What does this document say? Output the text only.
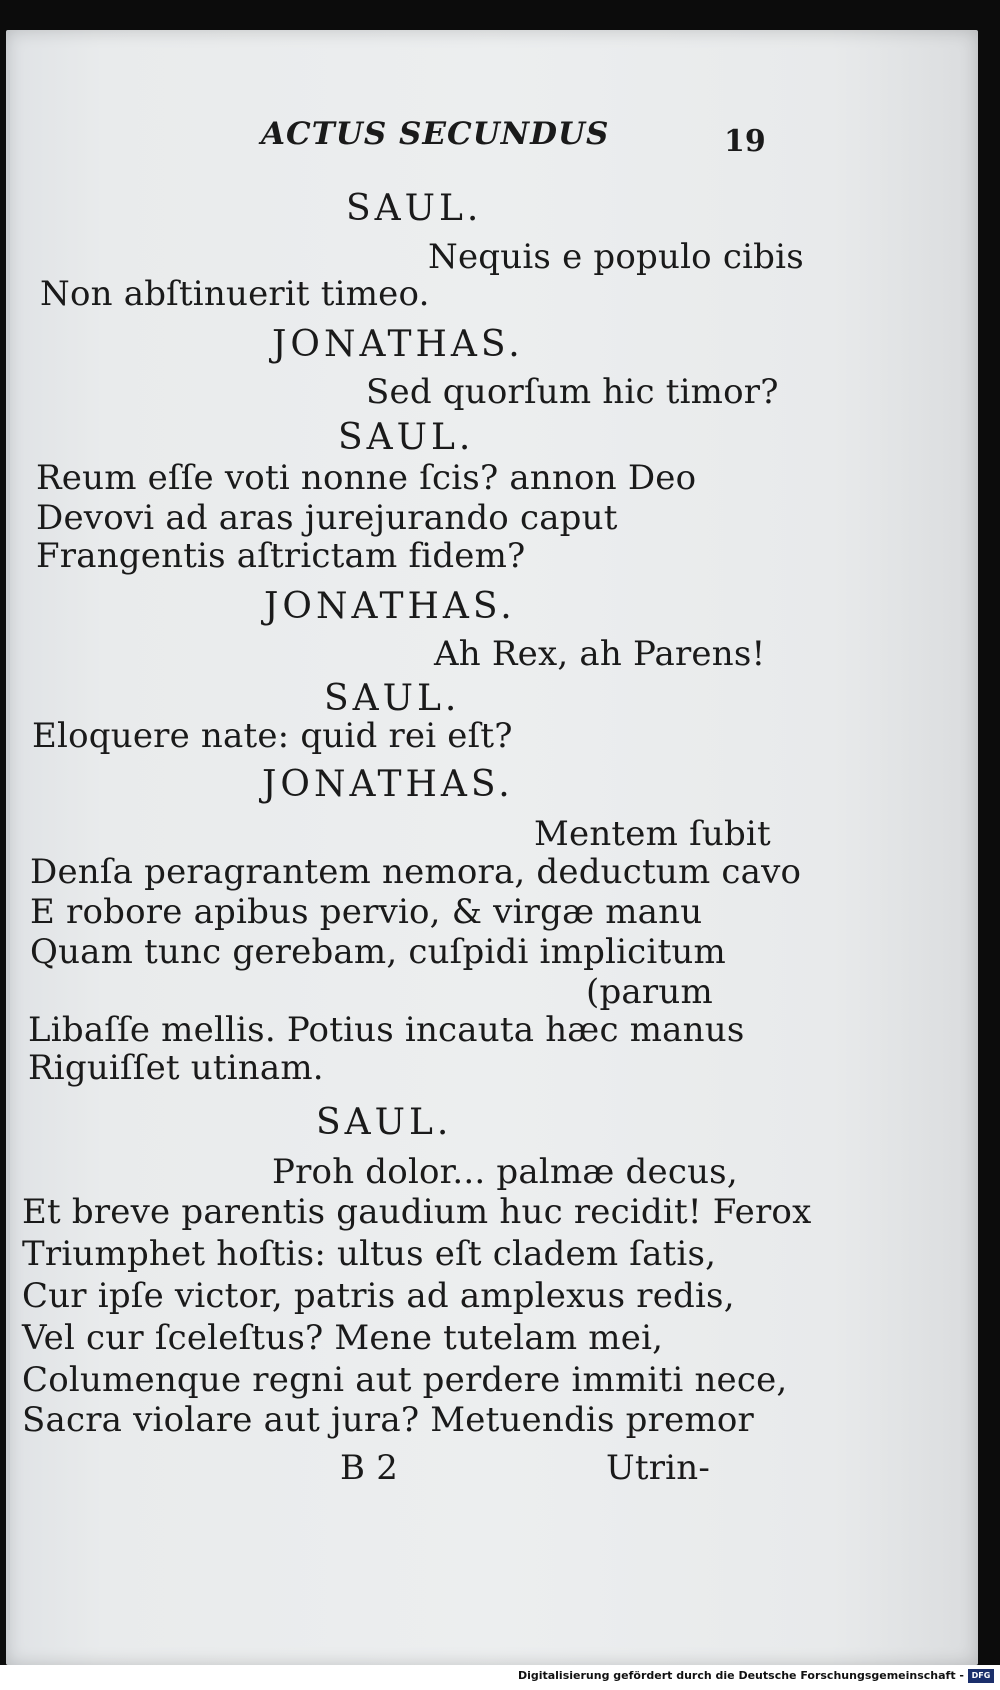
ACTUS SECUNDUS	19
SAUL.
Nequis e populo cibis
Non abſtinuerit timeo.
JONATHAS.
Sed quorſum hic timor?
SAUL.
Reum eſſe voti nonne ſcis? annon Deo
Devovi ad aras jurejurando caput
Frangentis aſtrictam fidem?
JONATHAS.
Ah Rex, ah Parens!
SAUL.
Eloquere nate: quid rei eſt?
JONATHAS.
Mentem ſubit
Denſa peragrantem nemora, deductum cavo
E robore apibus pervio, & virgæ manu
Quam tunc gerebam, cuſpidi implicitum
(parum
Libaſſe mellis. Potius incauta hæc manus
Riguiſſet utinam.
SAUL.
Proh dolor... palmæ decus,
Et breve parentis gaudium huc recidit! Ferox
Triumphet hoſtis: ultus eſt cladem ſatis,
Cur ipſe victor, patris ad amplexus redis,
Vel cur ſceleſtus? Mene tutelam mei,
Columenque regni aut perdere immiti nece,
Sacra violare aut jura? Metuendis premor
B 2	Utrin-
Digitalisierung gefördert durch die Deutsche Forschungsgemeinschaft - DFG
